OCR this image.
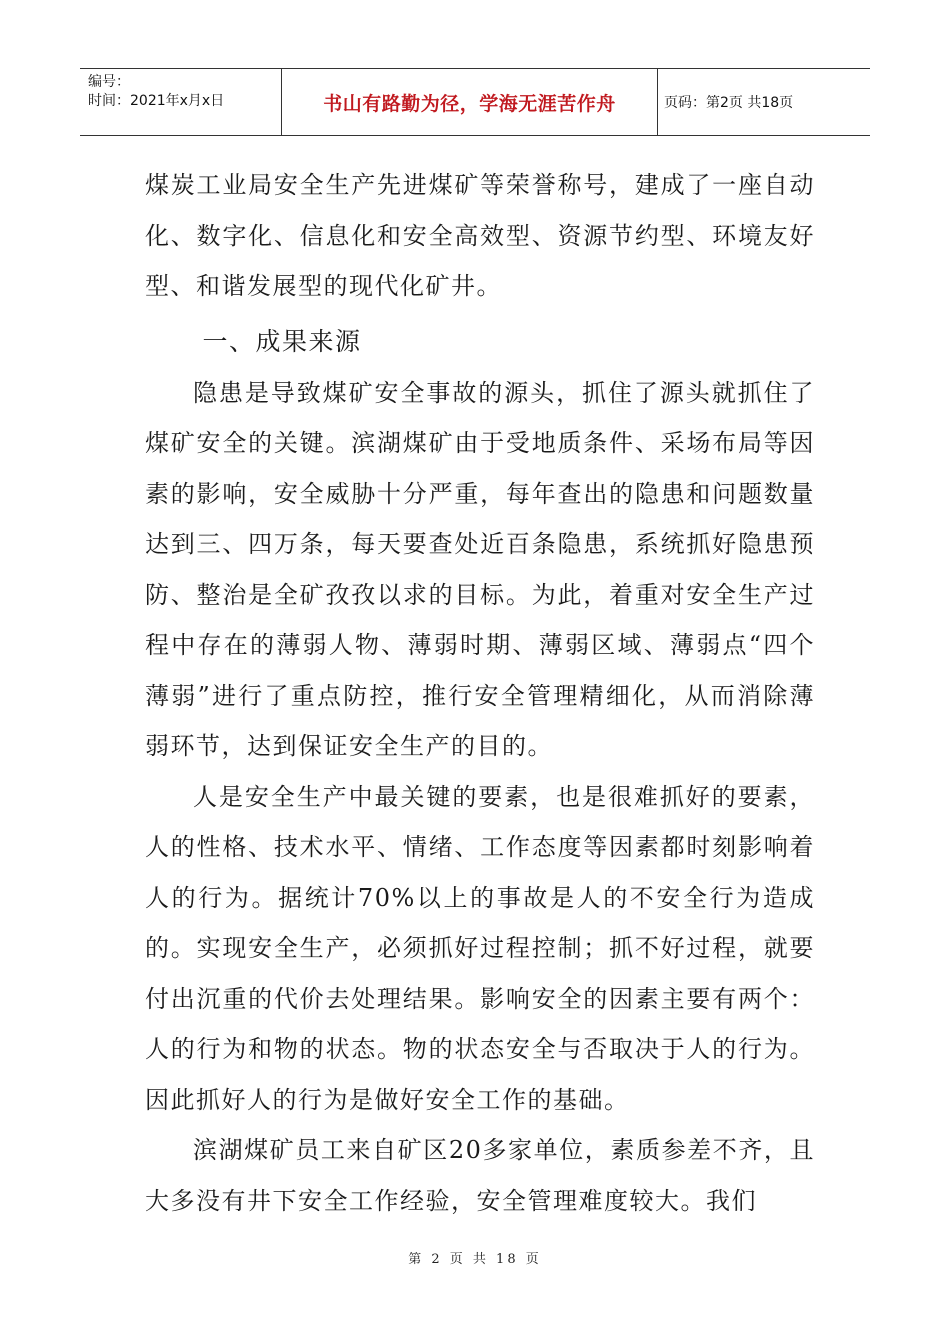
编号：
时间：2021年x月x日	书山有路勤为径，学海无涯苦作舟	页码：第2页 共18页

煤炭工业局安全生产先进煤矿等荣誉称号，建成了一座自动化、数字化、信息化和安全高效型、资源节约型、环境友好型、和谐发展型的现代化矿井。

一、成果来源

隐患是导致煤矿安全事故的源头，抓住了源头就抓住了煤矿安全的关键。滨湖煤矿由于受地质条件、采场布局等因素的影响，安全威胁十分严重，每年查出的隐患和问题数量达到三、四万条，每天要查处近百条隐患，系统抓好隐患预防、整治是全矿孜孜以求的目标。为此，着重对安全生产过程中存在的薄弱人物、薄弱时期、薄弱区域、薄弱点“四个薄弱”进行了重点防控，推行安全管理精细化，从而消除薄弱环节，达到保证安全生产的目的。

人是安全生产中最关键的要素，也是很难抓好的要素，人的性格、技术水平、情绪、工作态度等因素都时刻影响着人的行为。据统计70%以上的事故是人的不安全行为造成的。实现安全生产，必须抓好过程控制；抓不好过程，就要付出沉重的代价去处理结果。影响安全的因素主要有两个：人的行为和物的状态。物的状态安全与否取决于人的行为。因此抓好人的行为是做好安全工作的基础。

滨湖煤矿员工来自矿区20多家单位，素质参差不齐，且大多没有井下安全工作经验，安全管理难度较大。我们

第 2 页 共 18 页
